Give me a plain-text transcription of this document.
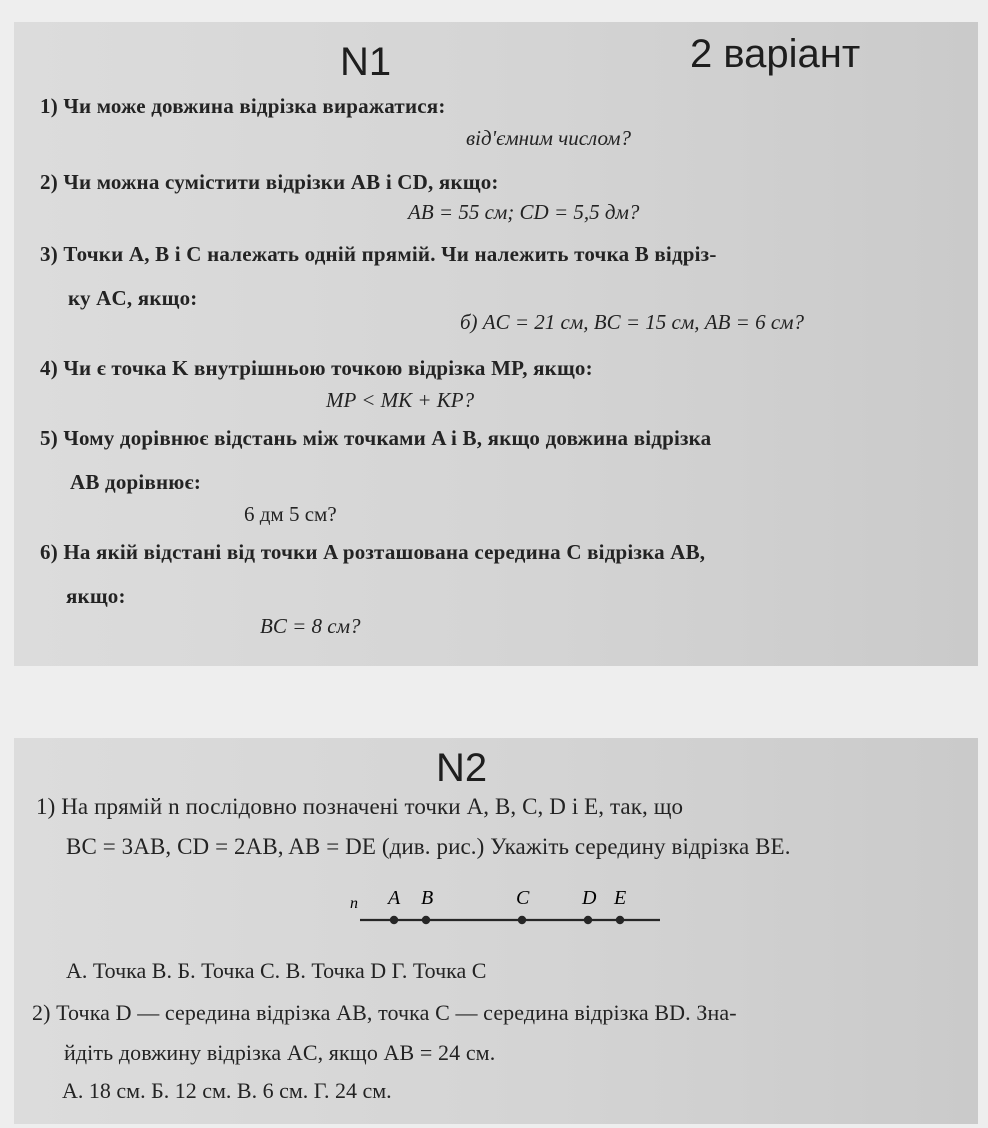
N1	2 варіант
1) Чи може довжина відрізка виражатися:
від'ємним числом?
2) Чи можна сумістити відрізки AB і CD, якщо:
AB = 55 см; CD = 5,5 дм?
3) Точки A, B і C належать одній прямій. Чи належить точка B відріз-
ку AC, якщо:
б) AC = 21 см, BC = 15 см, AB = 6 см?
4) Чи є точка K внутрішньою точкою відрізка MP, якщо:
MP < MK + KP?
5) Чому дорівнює відстань між точками A і B, якщо довжина відрізка
AB дорівнює:
6 дм 5 см?
6) На якій відстані від точки A розташована середина C відрізка AB,
якщо:
BC = 8 см?
N2
1) На прямій n послідовно позначені точки A, B, C, D і E, так, що
BC = 3AB, CD = 2AB, AB = DE (див. рис.) Укажіть середину відрізка BE.
n A B	C	D E
А. Точка B. Б. Точка C. В. Точка D Г. Точка C
2) Точка D — середина відрізка AB, точка C — середина відрізка BD. Зна-
йдіть довжину відрізка AC, якщо AB = 24 см.
А. 18 см. Б. 12 см. В. 6 см. Г. 24 см.
